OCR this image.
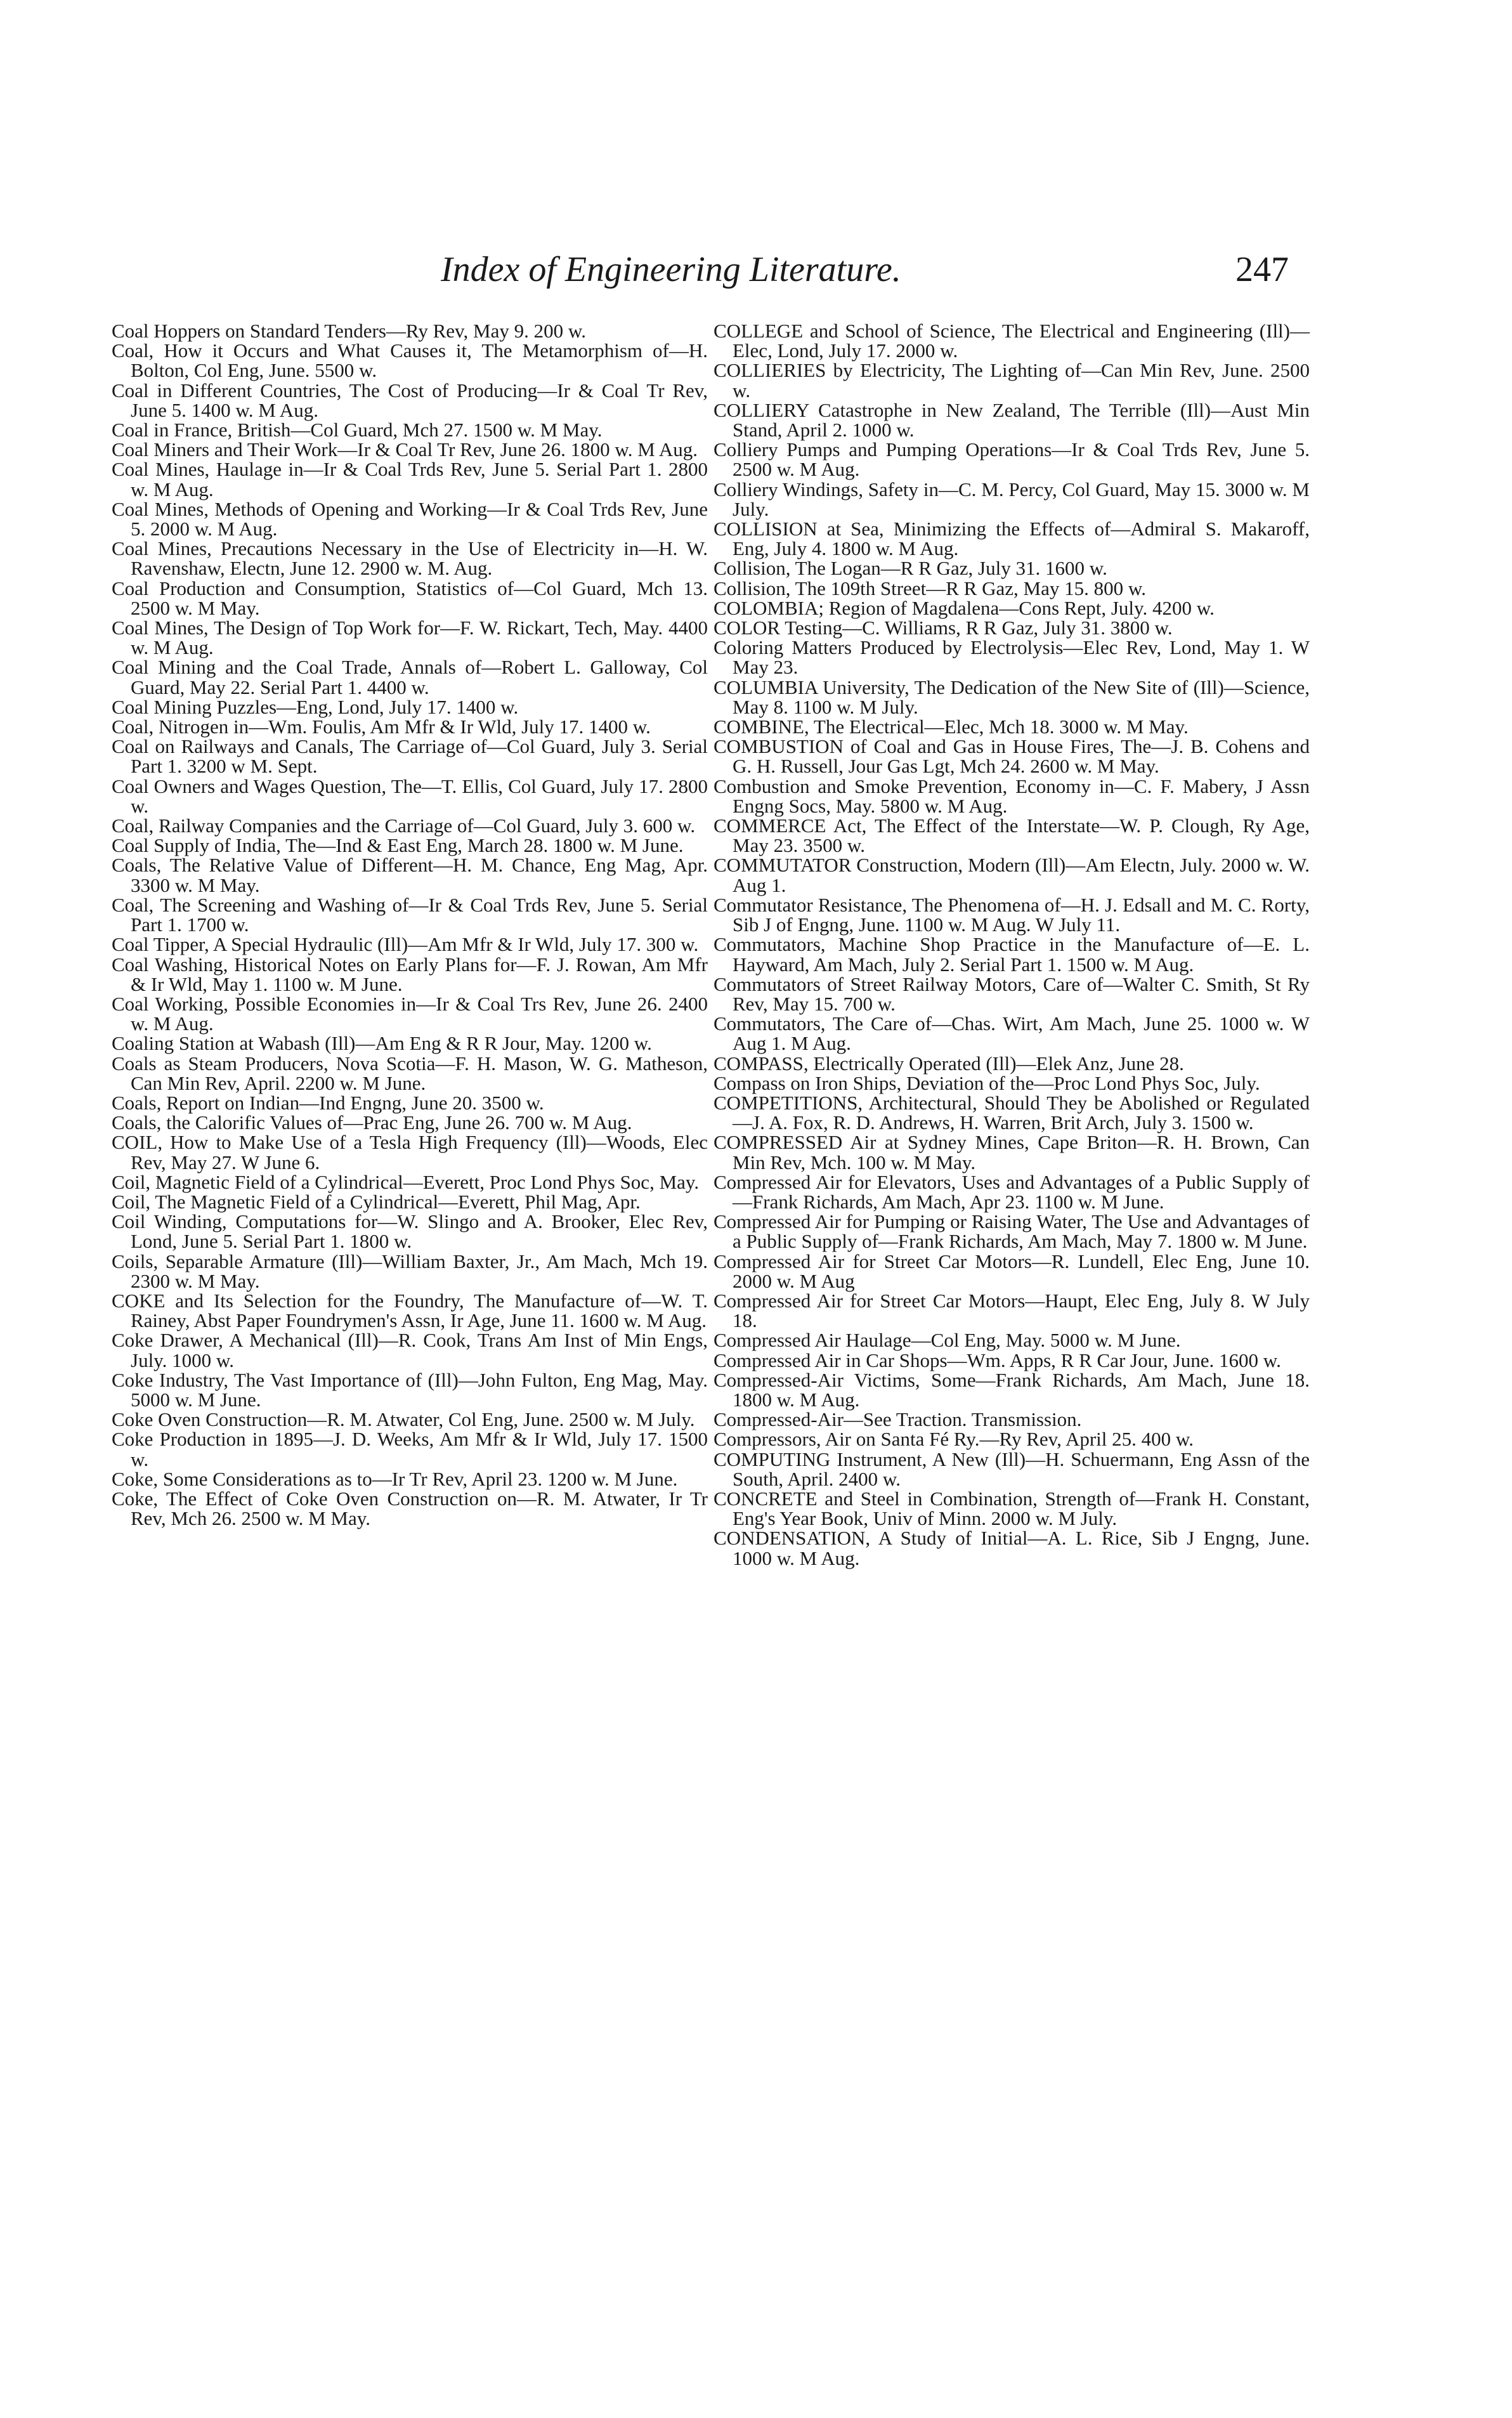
Index of Engineering Literature.	247

Coal Hoppers on Standard Tenders—Ry Rev, May 9. 200 w.

Coal, How it Occurs and What Causes it, The Metamorphism of—H. Bolton, Col Eng, June. 5500 w.

Coal in Different Countries, The Cost of Producing—Ir & Coal Tr Rev, June 5. 1400 w. M Aug.

Coal in France, British—Col Guard, Mch 27. 1500 w. M May.

Coal Miners and Their Work—Ir & Coal Tr Rev, June 26. 1800 w. M Aug.

Coal Mines, Haulage in—Ir & Coal Trds Rev, June 5. Serial Part 1. 2800 w. M Aug.

Coal Mines, Methods of Opening and Working—Ir & Coal Trds Rev, June 5. 2000 w. M Aug.

Coal Mines, Precautions Necessary in the Use of Electricity in—H. W. Ravenshaw, Electn, June 12. 2900 w. M. Aug.

Coal Production and Consumption, Statistics of—Col Guard, Mch 13. 2500 w. M May.

Coal Mines, The Design of Top Work for—F. W. Rickart, Tech, May. 4400 w. M Aug.

Coal Mining and the Coal Trade, Annals of—Robert L. Galloway, Col Guard, May 22. Serial Part 1. 4400 w.

Coal Mining Puzzles—Eng, Lond, July 17. 1400 w.

Coal, Nitrogen in—Wm. Foulis, Am Mfr & Ir Wld, July 17. 1400 w.

Coal on Railways and Canals, The Carriage of—Col Guard, July 3. Serial Part 1. 3200 w M. Sept.

Coal Owners and Wages Question, The—T. Ellis, Col Guard, July 17. 2800 w.

Coal, Railway Companies and the Carriage of—Col Guard, July 3. 600 w.

Coal Supply of India, The—Ind & East Eng, March 28. 1800 w. M June.

Coals, The Relative Value of Different—H. M. Chance, Eng Mag, Apr. 3300 w. M May.

Coal, The Screening and Washing of—Ir & Coal Trds Rev, June 5. Serial Part 1. 1700 w.

Coal Tipper, A Special Hydraulic (Ill)—Am Mfr & Ir Wld, July 17. 300 w.

Coal Washing, Historical Notes on Early Plans for—F. J. Rowan, Am Mfr & Ir Wld, May 1. 1100 w. M June.

Coal Working, Possible Economies in—Ir & Coal Trs Rev, June 26. 2400 w. M Aug.

Coaling Station at Wabash (Ill)—Am Eng & R R Jour, May. 1200 w.

Coals as Steam Producers, Nova Scotia—F. H. Mason, W. G. Matheson, Can Min Rev, April. 2200 w. M June.

Coals, Report on Indian—Ind Engng, June 20. 3500 w.

Coals, the Calorific Values of—Prac Eng, June 26. 700 w. M Aug.

COIL, How to Make Use of a Tesla High Frequency (Ill)—Woods, Elec Rev, May 27. W June 6.

Coil, Magnetic Field of a Cylindrical—Everett, Proc Lond Phys Soc, May.

Coil, The Magnetic Field of a Cylindrical—Everett, Phil Mag, Apr.

Coil Winding, Computations for—W. Slingo and A. Brooker, Elec Rev, Lond, June 5. Serial Part 1. 1800 w.

Coils, Separable Armature (Ill)—William Baxter, Jr., Am Mach, Mch 19. 2300 w. M May.

COKE and Its Selection for the Foundry, The Manufacture of—W. T. Rainey, Abst Paper Foundrymen's Assn, Ir Age, June 11. 1600 w. M Aug.

Coke Drawer, A Mechanical (Ill)—R. Cook, Trans Am Inst of Min Engs, July. 1000 w.

Coke Industry, The Vast Importance of (Ill)—John Fulton, Eng Mag, May. 5000 w. M June.

Coke Oven Construction—R. M. Atwater, Col Eng, June. 2500 w. M July.

Coke Production in 1895—J. D. Weeks, Am Mfr & Ir Wld, July 17. 1500 w.

Coke, Some Considerations as to—Ir Tr Rev, April 23. 1200 w. M June.

Coke, The Effect of Coke Oven Construction on—R. M. Atwater, Ir Tr Rev, Mch 26. 2500 w. M May.

COLLEGE and School of Science, The Electrical and Engineering (Ill)—Elec, Lond, July 17. 2000 w.

COLLIERIES by Electricity, The Lighting of—Can Min Rev, June. 2500 w.

COLLIERY Catastrophe in New Zealand, The Terrible (Ill)—Aust Min Stand, April 2. 1000 w.

Colliery Pumps and Pumping Operations—Ir & Coal Trds Rev, June 5. 2500 w. M Aug.

Colliery Windings, Safety in—C. M. Percy, Col Guard, May 15. 3000 w. M July.

COLLISION at Sea, Minimizing the Effects of—Admiral S. Makaroff, Eng, July 4. 1800 w. M Aug.

Collision, The Logan—R R Gaz, July 31. 1600 w.

Collision, The 109th Street—R R Gaz, May 15. 800 w.

COLOMBIA; Region of Magdalena—Cons Rept, July. 4200 w.

COLOR Testing—C. Williams, R R Gaz, July 31. 3800 w.

Coloring Matters Produced by Electrolysis—Elec Rev, Lond, May 1. W May 23.

COLUMBIA University, The Dedication of the New Site of (Ill)—Science, May 8. 1100 w. M July.

COMBINE, The Electrical—Elec, Mch 18. 3000 w. M May.

COMBUSTION of Coal and Gas in House Fires, The—J. B. Cohens and G. H. Russell, Jour Gas Lgt, Mch 24. 2600 w. M May.

Combustion and Smoke Prevention, Economy in—C. F. Mabery, J Assn Engng Socs, May. 5800 w. M Aug.

COMMERCE Act, The Effect of the Interstate—W. P. Clough, Ry Age, May 23. 3500 w.

COMMUTATOR Construction, Modern (Ill)—Am Electn, July. 2000 w. W. Aug 1.

Commutator Resistance, The Phenomena of—H. J. Edsall and M. C. Rorty, Sib J of Engng, June. 1100 w. M Aug. W July 11.

Commutators, Machine Shop Practice in the Manufacture of—E. L. Hayward, Am Mach, July 2. Serial Part 1. 1500 w. M Aug.

Commutators of Street Railway Motors, Care of—Walter C. Smith, St Ry Rev, May 15. 700 w.

Commutators, The Care of—Chas. Wirt, Am Mach, June 25. 1000 w. W Aug 1. M Aug.

COMPASS, Electrically Operated (Ill)—Elek Anz, June 28.

Compass on Iron Ships, Deviation of the—Proc Lond Phys Soc, July.

COMPETITIONS, Architectural, Should They be Abolished or Regulated—J. A. Fox, R. D. Andrews, H. Warren, Brit Arch, July 3. 1500 w.

COMPRESSED Air at Sydney Mines, Cape Briton—R. H. Brown, Can Min Rev, Mch. 100 w. M May.

Compressed Air for Elevators, Uses and Advantages of a Public Supply of—Frank Richards, Am Mach, Apr 23. 1100 w. M June.

Compressed Air for Pumping or Raising Water, The Use and Advantages of a Public Supply of—Frank Richards, Am Mach, May 7. 1800 w. M June.

Compressed Air for Street Car Motors—R. Lundell, Elec Eng, June 10. 2000 w. M Aug

Compressed Air for Street Car Motors—Haupt, Elec Eng, July 8. W July 18.

Compressed Air Haulage—Col Eng, May. 5000 w. M June.

Compressed Air in Car Shops—Wm. Apps, R R Car Jour, June. 1600 w.

Compressed-Air Victims, Some—Frank Richards, Am Mach, June 18. 1800 w. M Aug.

Compressed-Air—See Traction. Transmission.

Compressors, Air on Santa Fé Ry.—Ry Rev, April 25. 400 w.

COMPUTING Instrument, A New (Ill)—H. Schuermann, Eng Assn of the South, April. 2400 w.

CONCRETE and Steel in Combination, Strength of—Frank H. Constant, Eng's Year Book, Univ of Minn. 2000 w. M July.

CONDENSATION, A Study of Initial—A. L. Rice, Sib J Engng, June. 1000 w. M Aug.
